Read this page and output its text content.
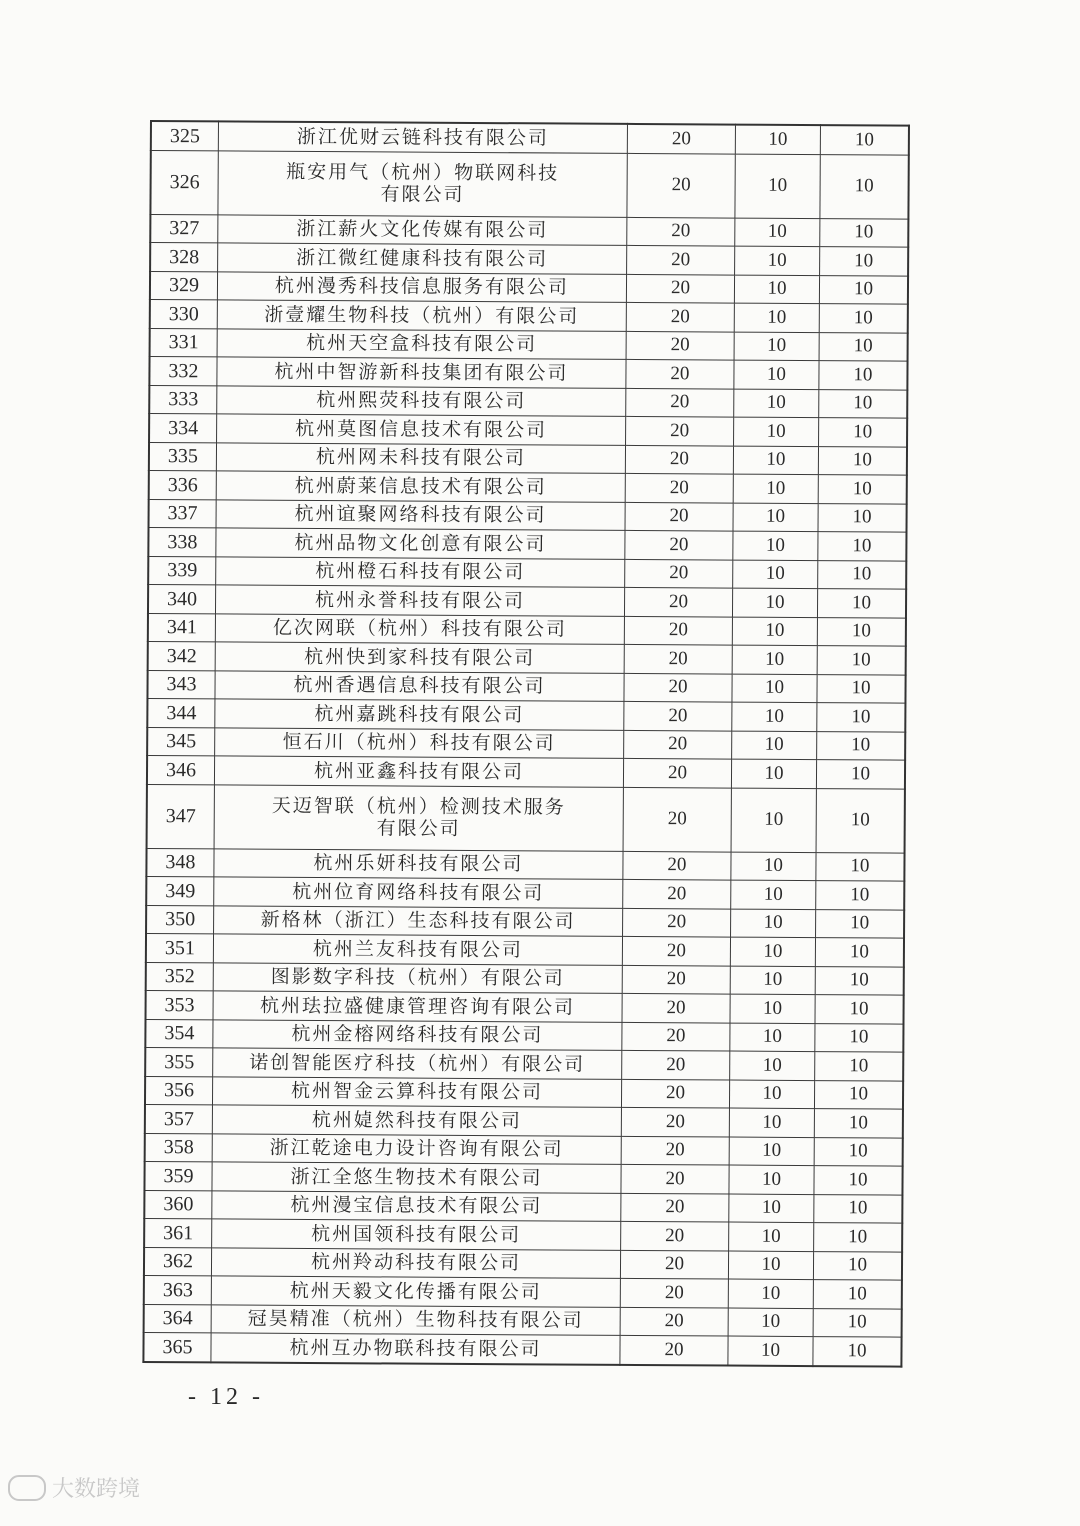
325	浙江优财云链科技有限公司	20	10	10
326	瓶安用气（杭州）物联网科技
有限公司	20	10	10
327	浙江薪火文化传媒有限公司	20	10	10
328	浙江微红健康科技有限公司	20	10	10
329	杭州漫秀科技信息服务有限公司	20	10	10
330	浙壹耀生物科技（杭州）有限公司	20	10	10
331	杭州天空盒科技有限公司	20	10	10
332	杭州中智游新科技集团有限公司	20	10	10
333	杭州熙荧科技有限公司	20	10	10
334	杭州莫图信息技术有限公司	20	10	10
335	杭州网未科技有限公司	20	10	10
336	杭州蔚莱信息技术有限公司	20	10	10
337	杭州谊聚网络科技有限公司	20	10	10
338	杭州品物文化创意有限公司	20	10	10
339	杭州橙石科技有限公司	20	10	10
340	杭州永誉科技有限公司	20	10	10
341	亿次网联（杭州）科技有限公司	20	10	10
342	杭州快到家科技有限公司	20	10	10
343	杭州香遇信息科技有限公司	20	10	10
344	杭州嘉跳科技有限公司	20	10	10
345	恒石川（杭州）科技有限公司	20	10	10
346	杭州亚鑫科技有限公司	20	10	10
347	天迈智联（杭州）检测技术服务
有限公司	20	10	10
348	杭州乐妍科技有限公司	20	10	10
349	杭州位育网络科技有限公司	20	10	10
350	新格林（浙江）生态科技有限公司	20	10	10
351	杭州兰友科技有限公司	20	10	10
352	图影数字科技（杭州）有限公司	20	10	10
353	杭州珐拉盛健康管理咨询有限公司	20	10	10
354	杭州金榕网络科技有限公司	20	10	10
355	诺创智能医疗科技（杭州）有限公司	20	10	10
356	杭州智金云算科技有限公司	20	10	10
357	杭州媫然科技有限公司	20	10	10
358	浙江乾途电力设计咨询有限公司	20	10	10
359	浙江全悠生物技术有限公司	20	10	10
360	杭州漫宝信息技术有限公司	20	10	10
361	杭州国领科技有限公司	20	10	10
362	杭州羚动科技有限公司	20	10	10
363	杭州天毅文化传播有限公司	20	10	10
364	冠昊精准（杭州）生物科技有限公司	20	10	10
365	杭州互办物联科技有限公司	20	10	10
- 12 -
大数跨境
